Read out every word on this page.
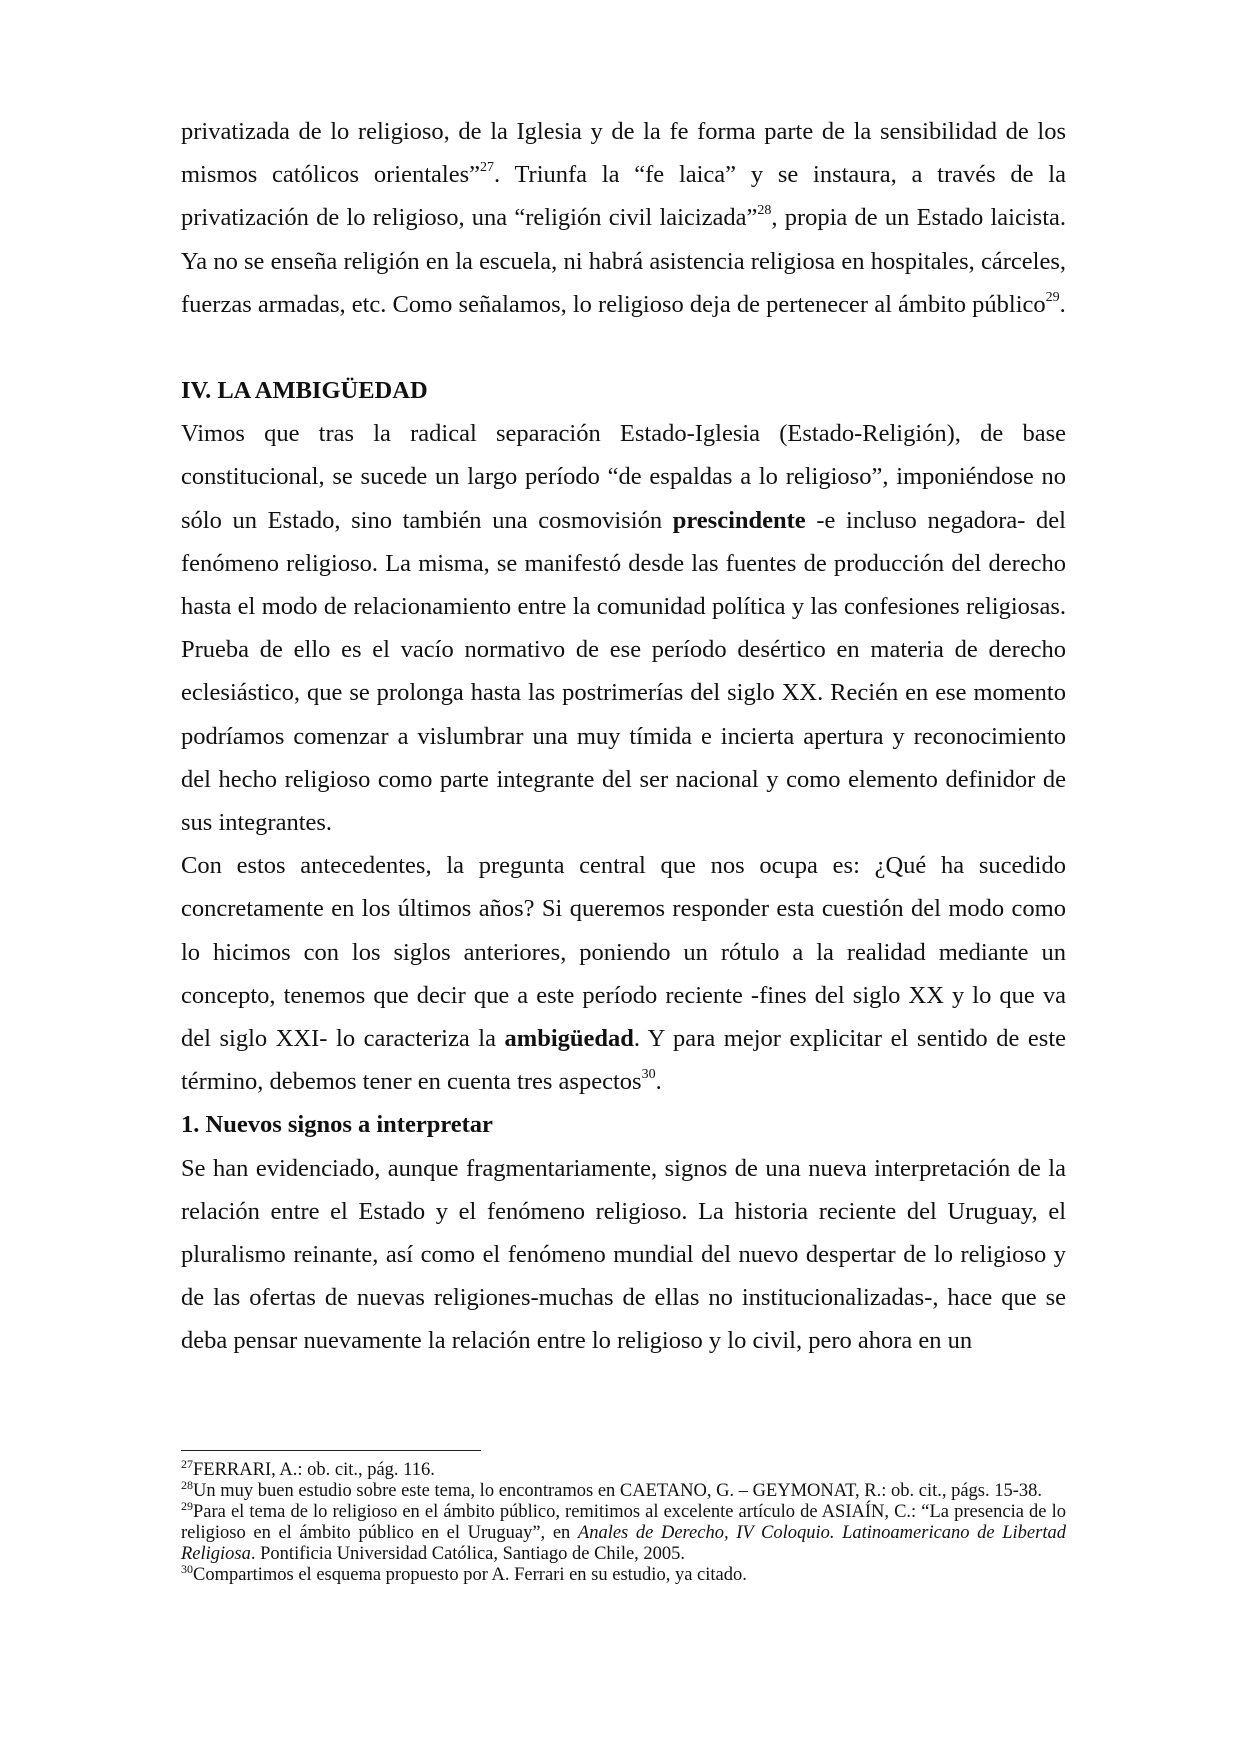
privatizada de lo religioso, de la Iglesia y de la fe forma parte de la sensibilidad de los mismos católicos orientales”$^{27}$. Triunfa la “fe laica” y se instaura, a través de la privatización de lo religioso, una “religión civil laicizada”$^{28}$, propia de un Estado laicista. Ya no se enseña religión en la escuela, ni habrá asistencia religiosa en hospitales, cárceles, fuerzas armadas, etc. Como señalamos, lo religioso deja de pertenecer al ámbito público$^{29}$.

IV. LA AMBIGÜEDAD

Vimos que tras la radical separación Estado-Iglesia (Estado-Religión), de base constitucional, se sucede un largo período “de espaldas a lo religioso”, imponiéndose no sólo un Estado, sino también una cosmovisión prescindente -e incluso negadora- del fenómeno religioso. La misma, se manifestó desde las fuentes de producción del derecho hasta el modo de relacionamiento entre la comunidad política y las confesiones religiosas. Prueba de ello es el vacío normativo de ese período desértico en materia de derecho eclesiástico, que se prolonga hasta las postrimerías del siglo XX. Recién en ese momento podríamos comenzar a vislumbrar una muy tímida e incierta apertura y reconocimiento del hecho religioso como parte integrante del ser nacional y como elemento definidor de sus integrantes.

Con estos antecedentes, la pregunta central que nos ocupa es: ¿Qué ha sucedido concretamente en los últimos años? Si queremos responder esta cuestión del modo como lo hicimos con los siglos anteriores, poniendo un rótulo a la realidad mediante un concepto, tenemos que decir que a este período reciente -fines del siglo XX y lo que va del siglo XXI- lo caracteriza la ambigüedad. Y para mejor explicitar el sentido de este término, debemos tener en cuenta tres aspectos$^{30}$.

1. Nuevos signos a interpretar

Se han evidenciado, aunque fragmentariamente, signos de una nueva interpretación de la relación entre el Estado y el fenómeno religioso. La historia reciente del Uruguay, el pluralismo reinante, así como el fenómeno mundial del nuevo despertar de lo religioso y de las ofertas de nuevas religiones-muchas de ellas no institucionalizadas-, hace que se deba pensar nuevamente la relación entre lo religioso y lo civil, pero ahora en un

$^{27}$FERRARI, A.: ob. cit., pág. 116.

$^{28}$Un muy buen estudio sobre este tema, lo encontramos en CAETANO, G. – GEYMONAT, R.: ob. cit., págs. 15-38.

$^{29}$Para el tema de lo religioso en el ámbito público, remitimos al excelente artículo de ASIAÍN, C.: “La presencia de lo religioso en el ámbito público en el Uruguay”, en Anales de Derecho, IV Coloquio. Latinoamericano de Libertad Religiosa. Pontificia Universidad Católica, Santiago de Chile, 2005.

$^{30}$Compartimos el esquema propuesto por A. Ferrari en su estudio, ya citado.
